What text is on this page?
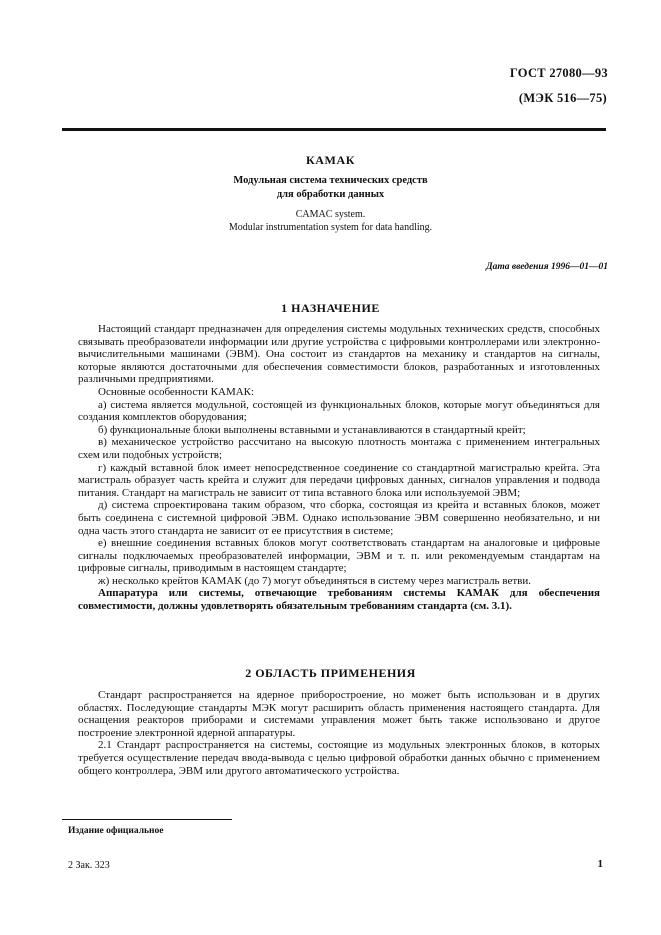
ГОСТ 27080—93
(МЭК 516—75)
КАМАК
Модульная система технических средств
для обработки данных
CAMAC system.
Modular instrumentation system for data handling.
Дата введения 1996—01—01
1 НАЗНАЧЕНИЕ

Настоящий стандарт предназначен для определения системы модульных технических средств, способных связывать преобразователи информации или другие устройства с цифровыми контроллерами или электронно-вычислительными машинами (ЭВМ). Она состоит из стандартов на механику и стандартов на сигналы, которые являются достаточными для обеспечения совместимости блоков, разработанных и изготовленных различными предприятиями.

Основные особенности КАМАК:

а) система является модульной, состоящей из функциональных блоков, которые могут объединяться для создания комплектов оборудования;

б) функциональные блоки выполнены вставными и устанавливаются в стандартный крейт;

в) механическое устройство рассчитано на высокую плотность монтажа с применением интегральных схем или подобных устройств;

г) каждый вставной блок имеет непосредственное соединение со стандартной магистралью крейта. Эта магистраль образует часть крейта и служит для передачи цифровых данных, сигналов управления и подвода питания. Стандарт на магистраль не зависит от типа вставного блока или используемой ЭВМ;

д) система спроектирована таким образом, что сборка, состоящая из крейта и вставных блоков, может быть соединена с системной цифровой ЭВМ. Однако использование ЭВМ совершенно необязательно, и ни одна часть этого стандарта не зависит от ее присутствия в системе;

е) внешние соединения вставных блоков могут соответствовать стандартам на аналоговые и цифровые сигналы подключаемых преобразователей информации, ЭВМ и т. п. или рекомендуемым стандартам на цифровые сигналы, приводимым в настоящем стандарте;

ж) несколько крейтов КАМАК (до 7) могут объединяться в систему через магистраль ветви.

Аппаратура или системы, отвечающие требованиям системы КАМАК для обеспечения совместимости, должны удовлетворять обязательным требованиям стандарта (см. 3.1).

2 ОБЛАСТЬ ПРИМЕНЕНИЯ

Стандарт распространяется на ядерное приборостроение, но может быть использован и в других областях. Последующие стандарты МЭК могут расширить область применения настоящего стандарта. Для оснащения реакторов приборами и системами управления может быть также использовано и другое построение электронной ядерной аппаратуры.

2.1 Стандарт распространяется на системы, состоящие из модульных электронных блоков, в которых требуется осуществление передач ввода-вывода с целью цифровой обработки данных обычно с применением общего контроллера, ЭВМ или другого автоматического устройства.

Издание официальное
2 Зак. 323	1
